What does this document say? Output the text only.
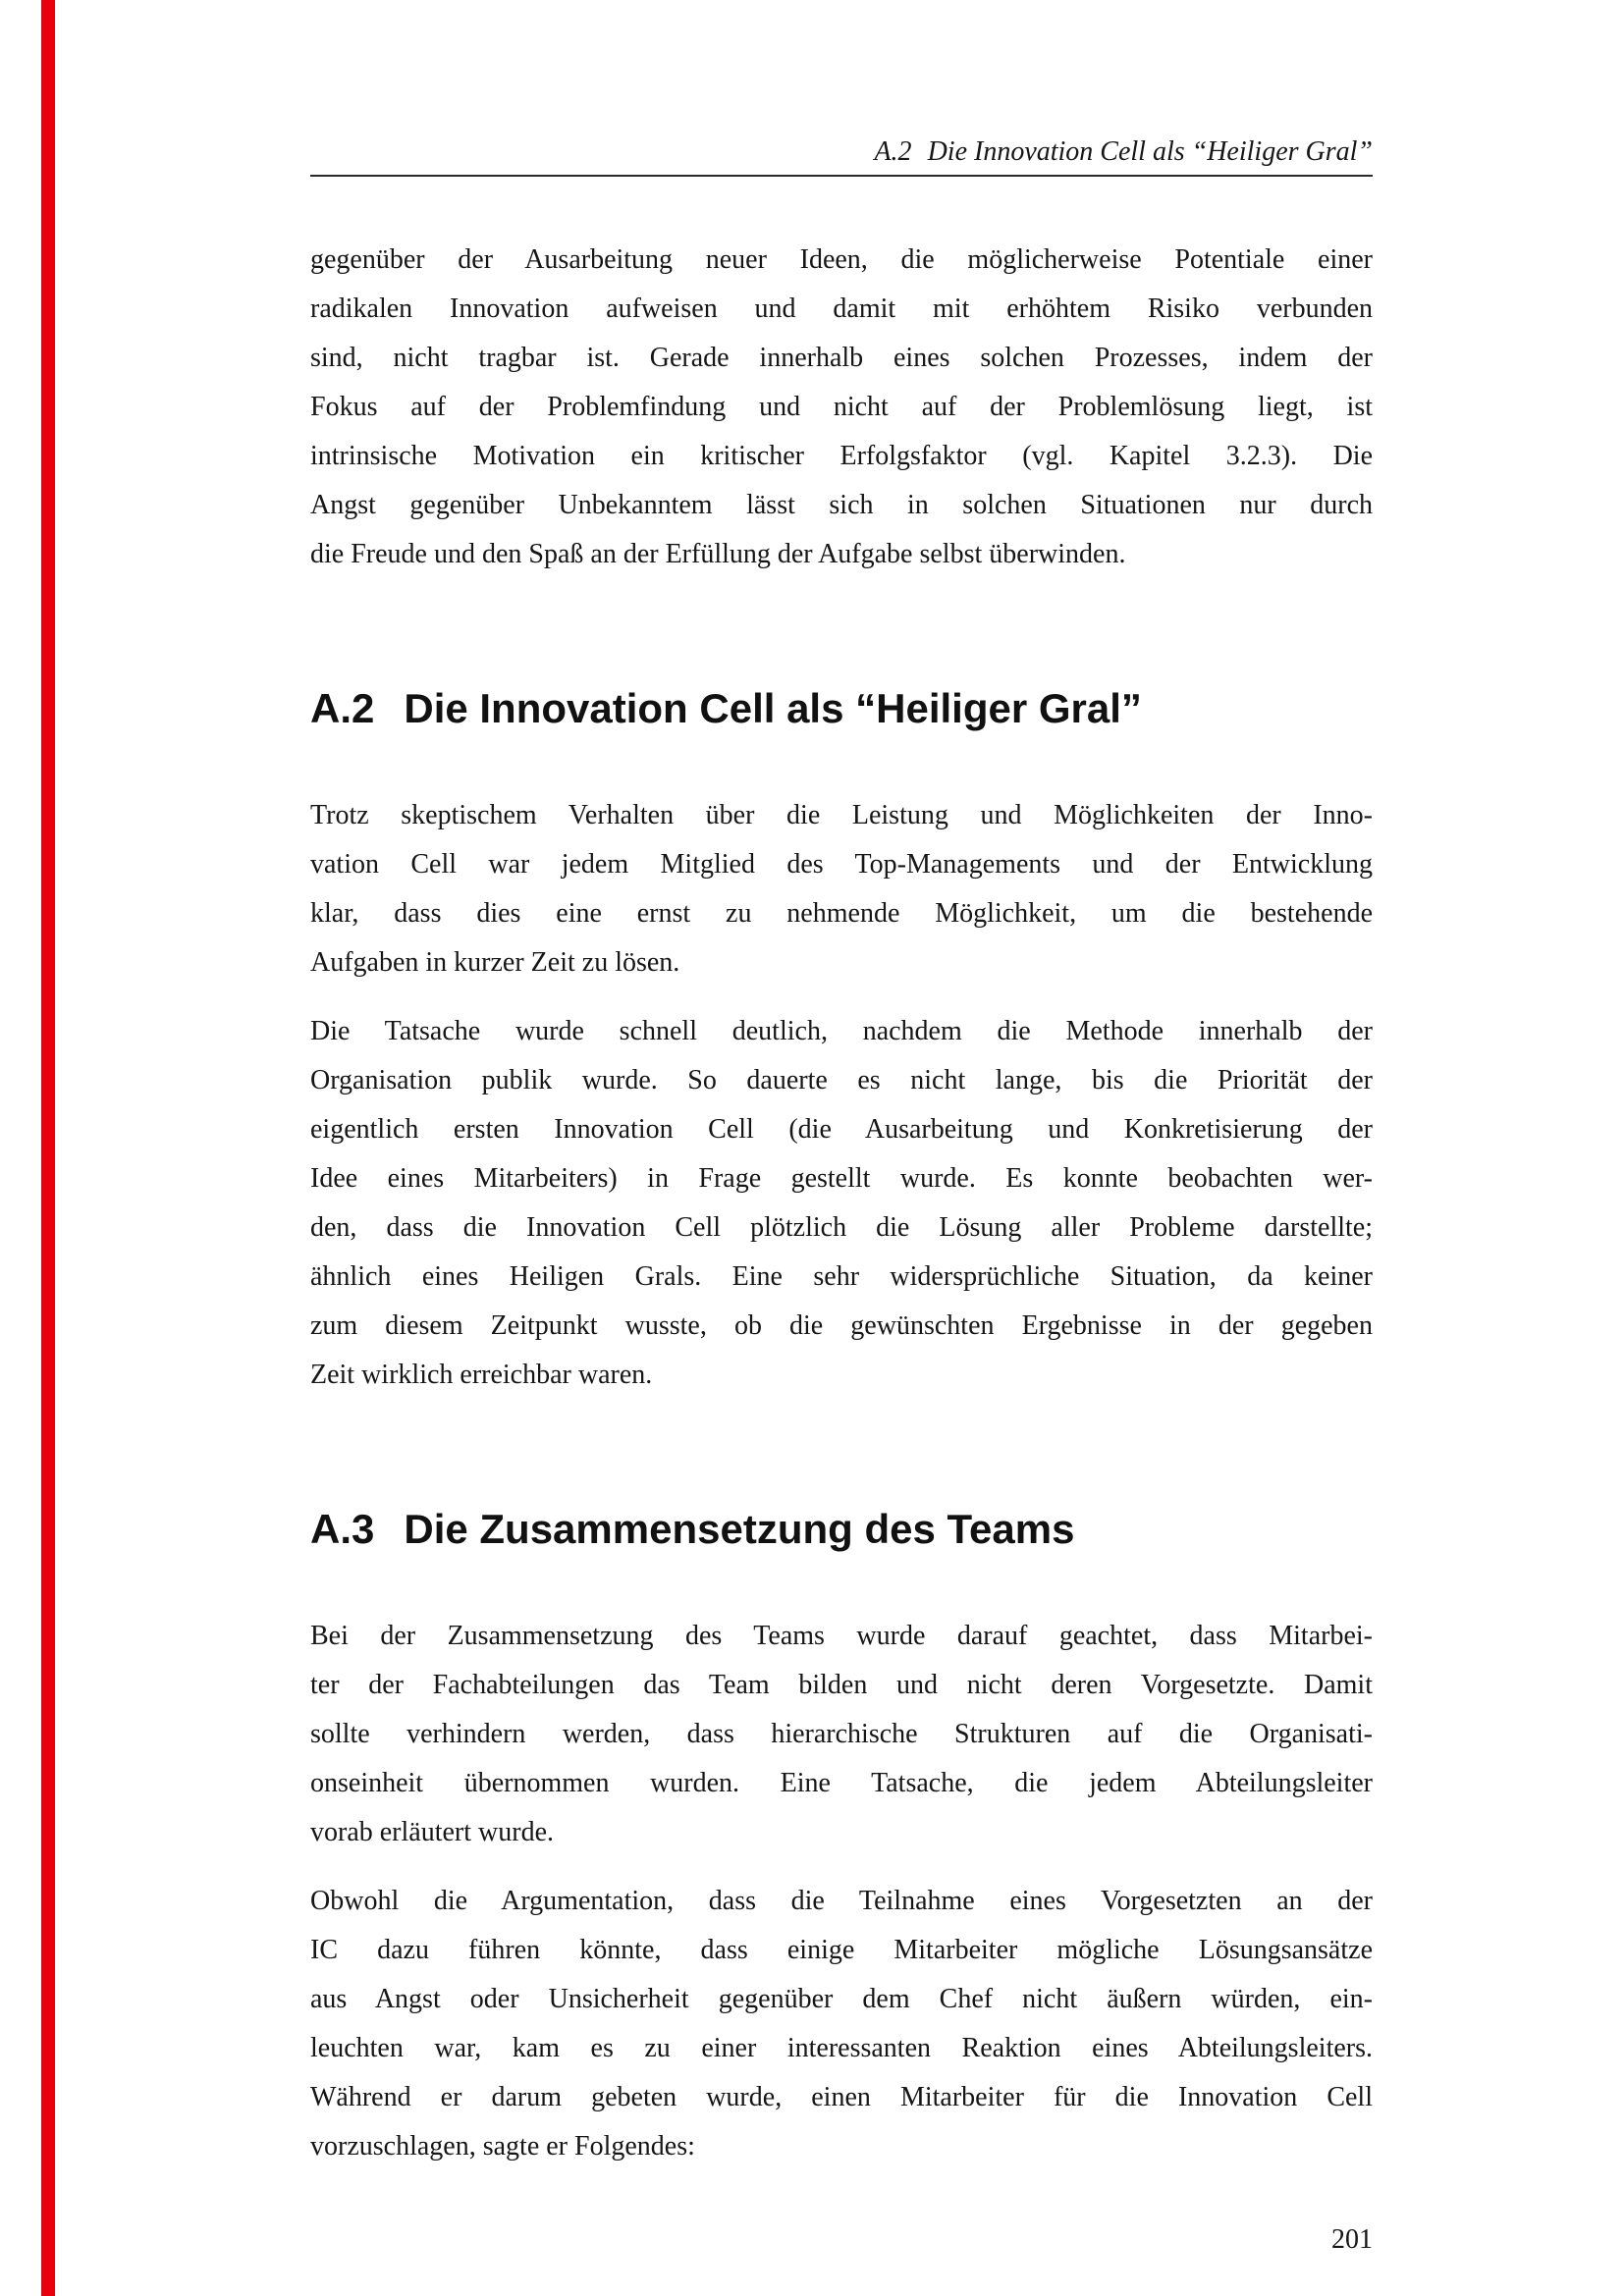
A.2 Die Innovation Cell als “Heiliger Gral”
gegenüber der Ausarbeitung neuer Ideen, die möglicherweise Potentiale einer
radikalen Innovation aufweisen und damit mit erhöhtem Risiko verbunden
sind, nicht tragbar ist. Gerade innerhalb eines solchen Prozesses, indem der
Fokus auf der Problemfindung und nicht auf der Problemlösung liegt, ist
intrinsische Motivation ein kritischer Erfolgsfaktor (vgl. Kapitel 3.2.3). Die
Angst gegenüber Unbekanntem lässt sich in solchen Situationen nur durch
die Freude und den Spaß an der Erfüllung der Aufgabe selbst überwinden.
A.2 Die Innovation Cell als “Heiliger Gral”
Trotz skeptischem Verhalten über die Leistung und Möglichkeiten der Inno-
vation Cell war jedem Mitglied des Top-Managements und der Entwicklung
klar, dass dies eine ernst zu nehmende Möglichkeit, um die bestehende
Aufgaben in kurzer Zeit zu lösen.
Die Tatsache wurde schnell deutlich, nachdem die Methode innerhalb der
Organisation publik wurde. So dauerte es nicht lange, bis die Priorität der
eigentlich ersten Innovation Cell (die Ausarbeitung und Konkretisierung der
Idee eines Mitarbeiters) in Frage gestellt wurde. Es konnte beobachten wer-
den, dass die Innovation Cell plötzlich die Lösung aller Probleme darstellte;
ähnlich eines Heiligen Grals. Eine sehr widersprüchliche Situation, da keiner
zum diesem Zeitpunkt wusste, ob die gewünschten Ergebnisse in der gegeben
Zeit wirklich erreichbar waren.
A.3 Die Zusammensetzung des Teams
Bei der Zusammensetzung des Teams wurde darauf geachtet, dass Mitarbei-
ter der Fachabteilungen das Team bilden und nicht deren Vorgesetzte. Damit
sollte verhindern werden, dass hierarchische Strukturen auf die Organisati-
onseinheit übernommen wurden. Eine Tatsache, die jedem Abteilungsleiter
vorab erläutert wurde.
Obwohl die Argumentation, dass die Teilnahme eines Vorgesetzten an der
IC dazu führen könnte, dass einige Mitarbeiter mögliche Lösungsansätze
aus Angst oder Unsicherheit gegenüber dem Chef nicht äußern würden, ein-
leuchten war, kam es zu einer interessanten Reaktion eines Abteilungsleiters.
Während er darum gebeten wurde, einen Mitarbeiter für die Innovation Cell
vorzuschlagen, sagte er Folgendes:
201
